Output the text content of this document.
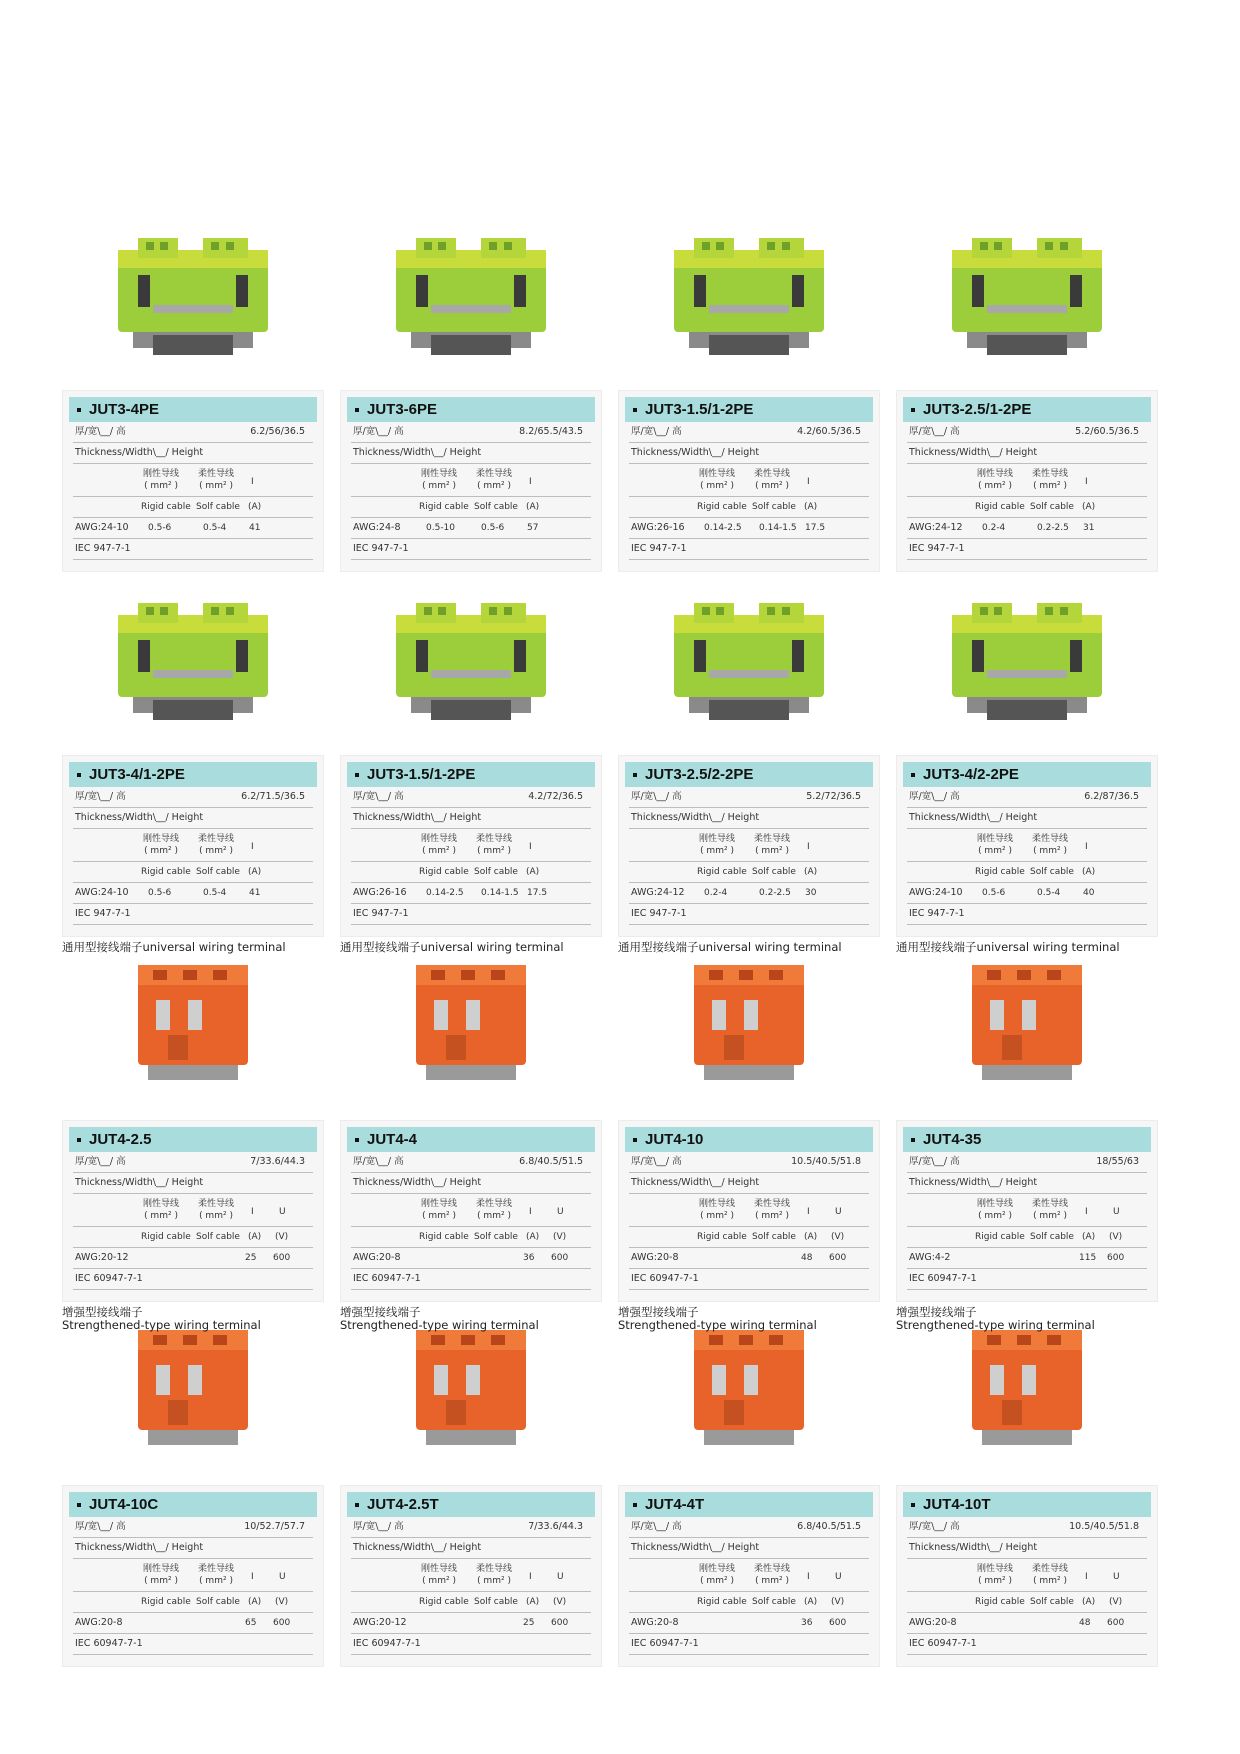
JUT3-4PE
厚/宽\__/ 高	6.2/56/36.5
Thickness/Width\__/ Height
刚性导线
( mm² )
柔性导线
( mm² ) I
Rigid cable Solf cable (A)
AWG:24-10 0.5-6	0.5-4	41
IEC 947-7-1
JUT3-6PE
厚/宽\__/ 高	8.2/65.5/43.5
Thickness/Width\__/ Height
刚性导线
( mm² )
柔性导线
( mm² ) I
Rigid cable Solf cable (A)
AWG:24-8	0.5-10	0.5-6	57
IEC 947-7-1
JUT3-1.5/1-2PE
厚/宽\__/ 高	4.2/60.5/36.5
Thickness/Width\__/ Height
刚性导线
( mm² )
柔性导线
( mm² ) I
Rigid cable Solf cable (A)
AWG:26-16 0.14-2.5 0.14-1.5 17.5
IEC 947-7-1
JUT3-2.5/1-2PE
厚/宽\__/ 高	5.2/60.5/36.5
Thickness/Width\__/ Height
刚性导线
( mm² )
柔性导线
( mm² ) I
Rigid cable Solf cable (A)
AWG:24-12 0.2-4	0.2-2.5 31
IEC 947-7-1
JUT3-4/1-2PE
厚/宽\__/ 高	6.2/71.5/36.5
Thickness/Width\__/ Height
刚性导线
( mm² )
柔性导线
( mm² ) I
Rigid cable Solf cable (A)
AWG:24-10 0.5-6	0.5-4	41
IEC 947-7-1
JUT3-1.5/1-2PE
厚/宽\__/ 高	4.2/72/36.5
Thickness/Width\__/ Height
刚性导线
( mm² )
柔性导线
( mm² ) I
Rigid cable Solf cable (A)
AWG:26-16 0.14-2.5 0.14-1.5 17.5
IEC 947-7-1
JUT3-2.5/2-2PE
厚/宽\__/ 高	5.2/72/36.5
Thickness/Width\__/ Height
刚性导线
( mm² )
柔性导线
( mm² ) I
Rigid cable Solf cable (A)
AWG:24-12 0.2-4	0.2-2.5 30
IEC 947-7-1
JUT3-4/2-2PE
厚/宽\__/ 高	6.2/87/36.5
Thickness/Width\__/ Height
刚性导线
( mm² )
柔性导线
( mm² ) I
Rigid cable Solf cable (A)
AWG:24-10 0.5-6	0.5-4	40
IEC 947-7-1
JUT4-2.5
厚/宽\__/ 高	7/33.6/44.3
Thickness/Width\__/ Height
刚性导线
( mm² )
柔性导线
( mm² ) I	U
Rigid cable Solf cable (A) (V)
AWG:20-12	25 600
IEC 60947-7-1
JUT4-4
厚/宽\__/ 高	6.8/40.5/51.5
Thickness/Width\__/ Height
刚性导线
( mm² )
柔性导线
( mm² ) I	U
Rigid cable Solf cable (A) (V)
AWG:20-8	36 600
IEC 60947-7-1
JUT4-10
厚/宽\__/ 高	10.5/40.5/51.8
Thickness/Width\__/ Height
刚性导线
( mm² )
柔性导线
( mm² ) I	U
Rigid cable Solf cable (A) (V)
AWG:20-8	48 600
IEC 60947-7-1
JUT4-35
厚/宽\__/ 高	18/55/63
Thickness/Width\__/ Height
刚性导线
( mm² )
柔性导线
( mm² ) I	U
Rigid cable Solf cable (A) (V)
AWG:4-2	115 600
IEC 60947-7-1
JUT4-10C
厚/宽\__/ 高	10/52.7/57.7
Thickness/Width\__/ Height
刚性导线
( mm² )
柔性导线
( mm² ) I	U
Rigid cable Solf cable (A) (V)
AWG:20-8	65 600
IEC 60947-7-1
JUT4-2.5T
厚/宽\__/ 高	7/33.6/44.3
Thickness/Width\__/ Height
刚性导线
( mm² )
柔性导线
( mm² ) I	U
Rigid cable Solf cable (A) (V)
AWG:20-12	25 600
IEC 60947-7-1
JUT4-4T
厚/宽\__/ 高	6.8/40.5/51.5
Thickness/Width\__/ Height
刚性导线
( mm² )
柔性导线
( mm² ) I	U
Rigid cable Solf cable (A) (V)
AWG:20-8	36 600
IEC 60947-7-1
JUT4-10T
厚/宽\__/ 高	10.5/40.5/51.8
Thickness/Width\__/ Height
刚性导线
( mm² )
柔性导线
( mm² ) I	U
Rigid cable Solf cable (A) (V)
AWG:20-8	48 600
IEC 60947-7-1
通用型接线端子universal wiring terminal
增强型接线端子
Strengthened-type wiring terminal
通用型接线端子universal wiring terminal
增强型接线端子
Strengthened-type wiring terminal
通用型接线端子universal wiring terminal
增强型接线端子
Strengthened-type wiring terminal
通用型接线端子universal wiring terminal
增强型接线端子
Strengthened-type wiring terminal
